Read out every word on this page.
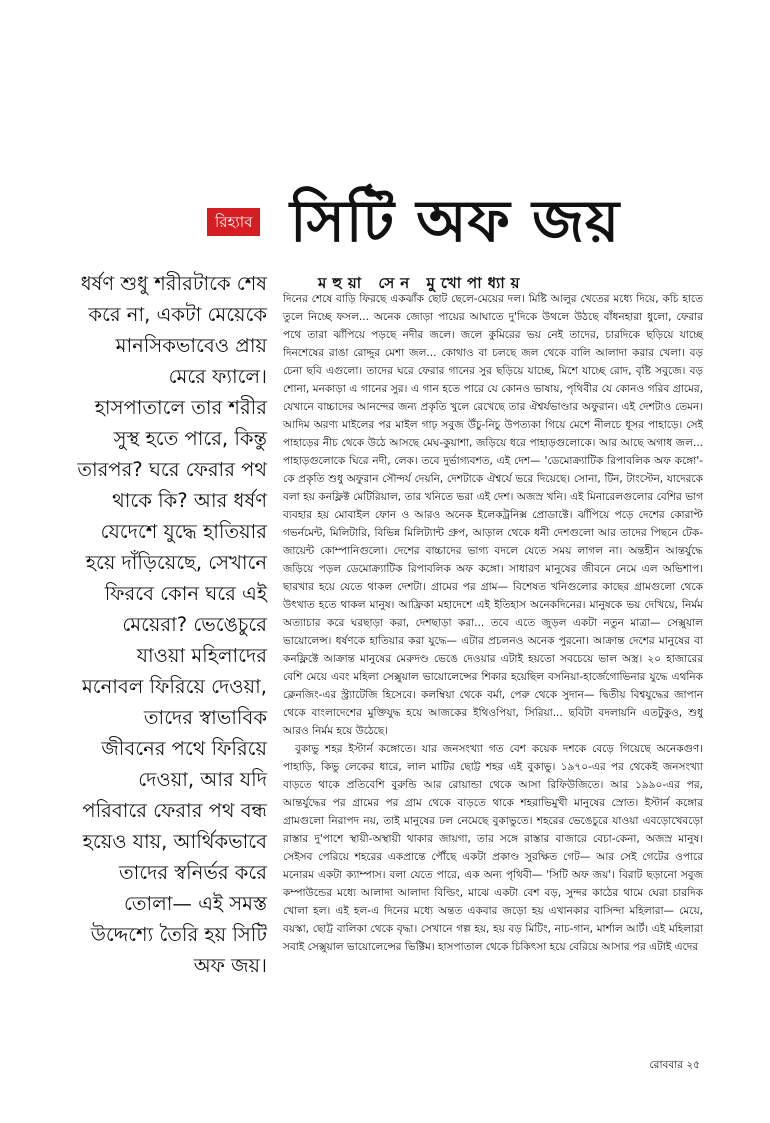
রিহ্যাব সিটি অফ জয়
মহুয়া সেন মুখোপাধ্যায়

ধর্ষণ শুধু শরীরটাকে শেষ করে না, একটা মেয়েকে মানসিকভাবেও প্রায় মেরে ফ্যালে। হাসপাতালে তার শরীর সুস্থ হতে পারে, কিন্তু তারপর? ঘরে ফেরার পথ থাকে কি? আর ধর্ষণ যেদেশে যুদ্ধে হাতিয়ার হয়ে দাঁড়িয়েছে, সেখানে ফিরবে কোন ঘরে এই মেয়েরা? ভেঙেচুরে যাওয়া মহিলাদের মনোবল ফিরিয়ে দেওয়া, তাদের স্বাভাবিক জীবনের পথে ফিরিয়ে দেওয়া, আর যদি পরিবারে ফেরার পথ বন্ধ হয়েও যায়, আর্থিকভাবে তাদের স্বনির্ভর করে তোলা— এই সমস্ত উদ্দেশ্যে তৈরি হয় সিটি অফ জয়।

দিনের শেষে বাড়ি ফিরছে একঝাঁক ছোট ছেলে-মেয়ের দল। মিষ্টি আলুর খেতের মধ্যে দিয়ে, কচি হাতে তুলে নিচ্ছে ফসল... অনেক জোড়া পায়ের আঘাতে দু'দিকে উথলে উঠছে বাঁধনহারা ধুলো, ফেরার পথে তারা ঝাঁপিয়ে পড়ছে নদীর জলে। জলে কুমিরের ভয় নেই তাদের, চারদিকে ছড়িয়ে যাচ্ছে দিনশেষের রাঙা রোদ্দুর মেশা জল... কোথাও বা চলছে জল থেকে বালি আলাদা করার খেলা। বড় চেনা ছবি এগুলো। তাদের ঘরে ফেরার গানের সুর ছড়িয়ে যাচ্ছে, মিশে যাচ্ছে রোদ, বৃষ্টি সবুজে। বড় শোনা, মনকাড়া এ গানের সুর। এ গান হতে পারে যে কোনও ভাষায়, পৃথিবীর যে কোনও গরিব গ্রামের, যেখানে বাচ্চাদের আনন্দের জন্য প্রকৃতি খুলে রেখেছে তার ঐশ্বর্যভাণ্ডার অফুরান। এই দেশটাও তেমন। আদিম অরণ্য মাইলের পর মাইল গাঢ় সবুজ উঁচু-নিচু উপত্যকা গিয়ে মেশে নীলচে ধূসর পাহাড়ে। সেই পাহাড়ের নীচ থেকে উঠে আসছে মেঘ-কুয়াশা, জড়িয়ে ধরে পাহাড়গুলোকে। আর আছে অগাধ জল... পাহাড়গুলোকে ঘিরে নদী, লেক। তবে দুর্ভাগ্যবশত, এই দেশ— 'ডেমোক্র্যাটিক রিপাবলিক অফ কঙ্গো'-কে প্রকৃতি শুধু অফুরান সৌন্দর্য দেয়নি, দেশটাকে ঐশ্বর্যে ভরে দিয়েছে। সোনা, টিন, টাংস্টেন, যাদেরকে বলা হয় কনফ্লিক্ট মেটিরিয়াল, তার খনিতে ভরা এই দেশ। অজস্র খনি। এই মিনারেলগুলোর বেশির ভাগ ব্যবহার হয় মোবাইল ফোন ও আরও অনেক ইলেকট্রনিক্স প্রোডাক্টে। ঝাঁপিয়ে পড়ে দেশের কোরাপ্ট গভর্নমেন্ট, মিলিটারি, বিভিন্ন মিলিট্যান্ট গ্রুপ, আড়াল থেকে ধনী দেশগুলো আর তাদের পিছনে টেক-জায়েন্ট কোম্পানিগুলো। দেশের বাচ্চাদের ভাগ্য বদলে যেতে সময় লাগল না। অন্তহীন আন্তর্যুদ্ধে জড়িয়ে পড়ল ডেমোক্র্যাটিক রিপাবলিক অফ কঙ্গো। সাধারণ মানুষের জীবনে নেমে এল অভিশাপ। ছারখার হয়ে যেতে থাকল দেশটা। গ্রামের পর গ্রাম— বিশেষত খনিগুলোর কাছের গ্রামগুলো থেকে উৎখাত হতে থাকল মানুষ। আফ্রিকা মহাদেশে এই ইতিহাস অনেকদিনের। মানুষকে ভয় দেখিয়ে, নির্মম অত্যাচার করে ঘরছাড়া করা, দেশছাড়া করা... তবে এতে জুড়ল একটা নতুন মাত্রা— সেক্সুয়াল ভায়োলেন্স। ধর্ষণকে হাতিয়ার করা যুদ্ধে— এটার প্রচলনও অনেক পুরনো। আক্রান্ত দেশের মানুষের বা কনফ্লিক্টে আক্রান্ত মানুষের মেরুদণ্ড ভেঙে দেওয়ার এটাই হয়তো সবচেয়ে ভাল অস্ত্র। ২০ হাজারের বেশি মেয়ে এবং মহিলা সেক্সুয়াল ভায়োলেন্সের শিকার হয়েছিল বসনিয়া-হার্জেগোভিনার যুদ্ধে এথনিক ক্লেনজিং-এর স্ট্র্যাটেজি হিসেবে। কলম্বিয়া থেকে বর্মা, পেরু থেকে সুদান— দ্বিতীয় বিশ্বযুদ্ধের জাপান থেকে বাংলাদেশের মুক্তিযুদ্ধ হয়ে আজকের ইথিওপিয়া, সিরিয়া... ছবিটা বদলায়নি এতটুকুও, শুধু আরও নির্মম হয়ে উঠেছে।

বুকাভু শহর ইস্টার্ন কঙ্গোতে। যার জনসংখ্যা গত বেশ কয়েক দশকে বেড়ে গিয়েছে অনেকগুণ। পাহাড়ি, কিভু লেকের ধারে, লাল মাটির ছোট্ট শহর এই বুকাভু। ১৯৭০-এর পর থেকেই জনসংখ্যা বাড়তে থাকে প্রতিবেশি বুরুন্ডি আর রোয়ান্ডা থেকে আসা রিফিউজিতে। আর ১৯৯০-এর পর, আন্তর্যুদ্ধের পর গ্রামের পর গ্রাম থেকে বাড়তে থাকে শহরাভিমুখী মানুষের স্রোত। ইস্টার্ন কঙ্গোর গ্রামগুলো নিরাপদ নয়, তাই মানুষের ঢল নেমেছে বুকাভুতে। শহরের ভেঙেচুরে যাওয়া এবড়োখেবড়ো রাস্তার দু'পাশে স্থায়ী-অস্থায়ী থাকার জায়গা, তার সঙ্গে রাস্তার বাজারে বেচা-কেনা, অজস্র মানুষ। সেইসব পেরিয়ে শহরের একপ্রান্তে পৌঁছে একটা প্রকাণ্ড সুরক্ষিত গেট— আর সেই গেটের ওপারে মনোরম একটা ক্যাম্পাস। বলা যেতে পারে, এক অন্য পৃথিবী— 'সিটি অফ জয়'। বিরাট ছড়ানো সবুজ কম্পাউন্ডের মধ্যে আলাদা আলাদা বিল্ডিং, মাঝে একটা বেশ বড়, সুন্দর কাঠের থামে ঘেরা চারদিক খোলা হল। এই হল-এ দিনের মধ্যে অন্তত একবার জড়ো হয় এখানকার বাসিন্দা মহিলারা— মেয়ে, বয়স্কা, ছোট্ট বালিকা থেকে বৃদ্ধা। সেখানে গল্প হয়, হয় বড় মিটিং, নাচ-গান, মার্শাল আর্ট। এই মহিলারা সবাই সেক্সুয়াল ভায়োলেন্সের ভিক্টিম। হাসপাতাল থেকে চিকিৎসা হয়ে বেরিয়ে আসার পর এটাই এদের

রোববার ২৫
